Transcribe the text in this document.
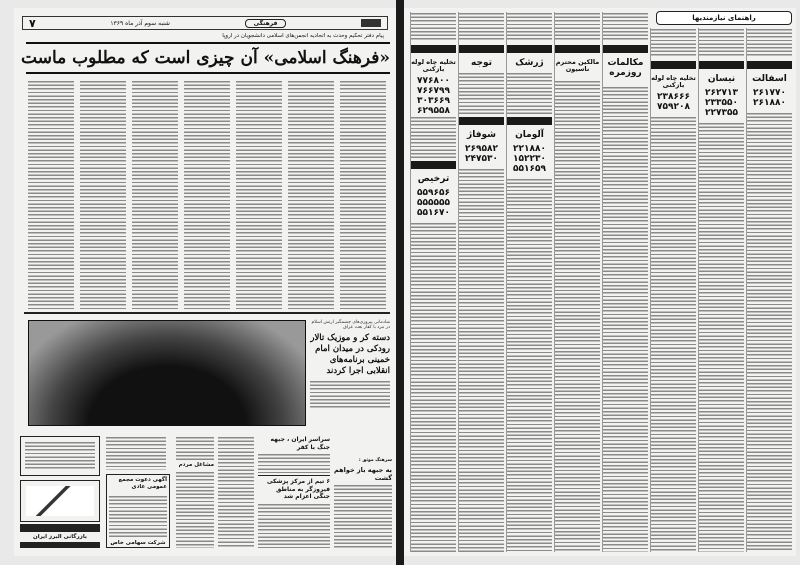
۷	شنبه سوم آذر ماه ۱۳۶۹	فرهنگی
پیام دفتر تحکیم وحدت به اتحادیه انجمن‌های اسلامی دانشجویان در اروپا
«فرهنگ اسلامی» آن چیزی است که مطلوب ماست
شادمانی پیروزی‌های چشمگیر ارتش اسلام در نبرد با کفار بعث عراق
دسته کر و موزیک تالار رودکی در میدان امام خمینی برنامه‌های انقلابی اجرا کردند
بازرگانی البرز ایران
آگهی دعوت مجمع عمومی عادی
شرکت سهامی خاص
مشاغل مردم
سراسر ایران ، جبهه جنگ با کفر
۶ تیم از مرکز پزشکی فیروزگر به مناطق جنگی اعزام شد
سرهنگ موثق :
به جبهه باز خواهم گشت
راهنمای نیازمندیها

تخلیه چاه لوله بازکنی
۷۷۶۸۰۰
۷۶۶۷۹۹
۳۰۳۶۶۹
۶۲۹۵۵۸

ترخیص
۵۵۹۶۵۶
۵۵۵۵۵۵
۵۵۱۶۷۰

توجه

شوفاژ
۲۶۹۵۸۲
۲۴۷۵۳۰

ژرشک

آلومان
۲۲۱۸۸۰
۱۵۲۲۳۰
۵۵۱۶۵۹

مالکین محترم ناسیون

مکالمات روزمره

تخلیه چاه لوله بازکنی
۲۳۸۶۶۶
۷۵۹۲۰۸

نیسان
۲۶۲۷۱۳
۲۳۳۵۵۰
۲۲۷۳۵۵

اسفالت
۲۶۱۷۷۰
۲۶۱۸۸۰
